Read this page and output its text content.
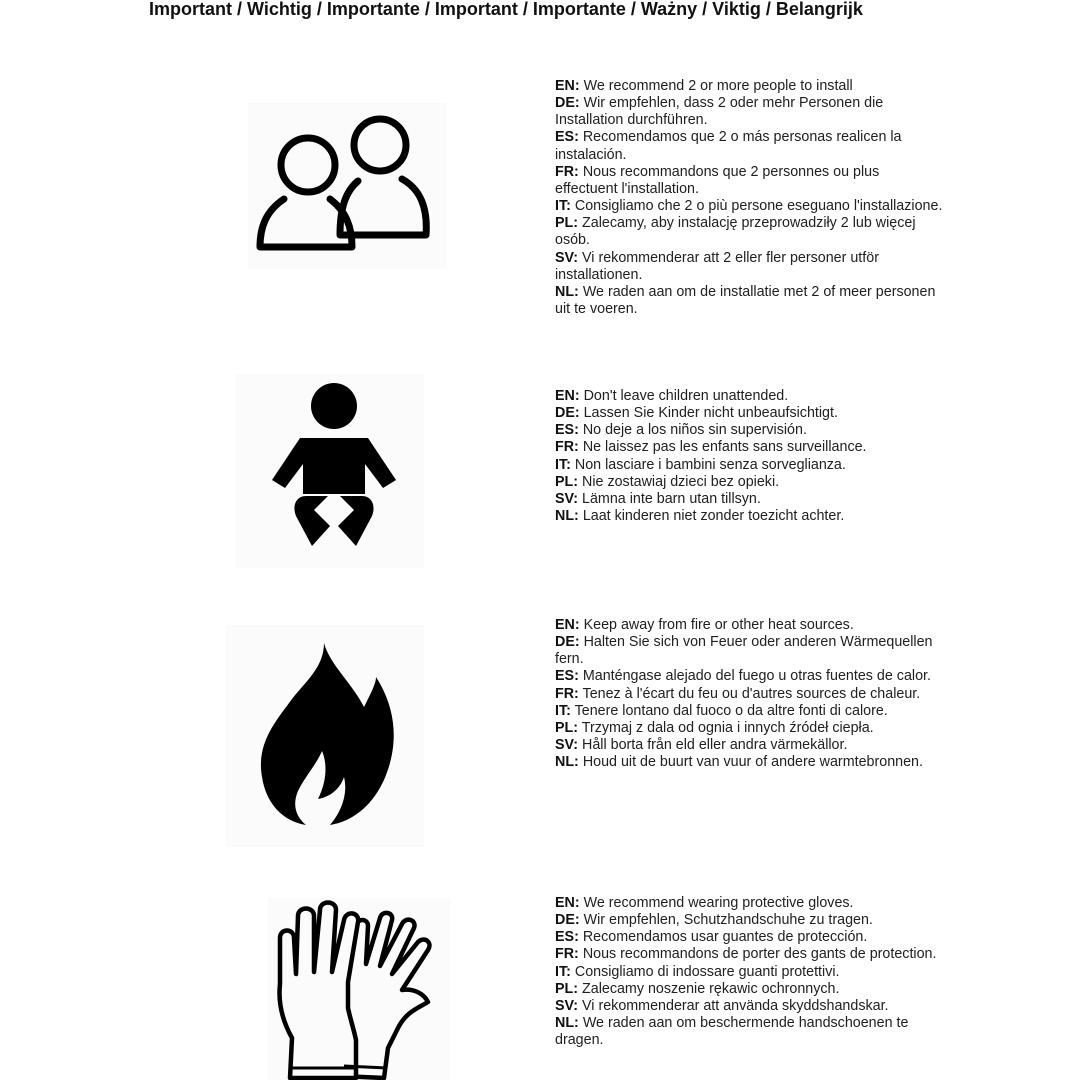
Important / Wichtig / Importante / Important / Importante / Ważny / Viktig / Belangrijk
EN: We recommend 2 or more people to install
DE: Wir empfehlen, dass 2 oder mehr Personen die Installation durchführen.
ES: Recomendamos que 2 o más personas realicen la instalación.
FR: Nous recommandons que 2 personnes ou plus effectuent l'installation.
IT: Consigliamo che 2 o più persone eseguano l'installazione.
PL: Zalecamy, aby instalację przeprowadziły 2 lub więcej osób.
SV: Vi rekommenderar att 2 eller fler personer utför installationen.
NL: We raden aan om de installatie met 2 of meer personen uit te voeren.
EN: Don't leave children unattended.
DE: Lassen Sie Kinder nicht unbeaufsichtigt.
ES: No deje a los niños sin supervisión.
FR: Ne laissez pas les enfants sans surveillance.
IT: Non lasciare i bambini senza sorveglianza.
PL: Nie zostawiaj dzieci bez opieki.
SV: Lämna inte barn utan tillsyn.
NL: Laat kinderen niet zonder toezicht achter.
EN: Keep away from fire or other heat sources.
DE: Halten Sie sich von Feuer oder anderen Wärmequellen fern.
ES: Manténgase alejado del fuego u otras fuentes de calor.
FR: Tenez à l'écart du feu ou d'autres sources de chaleur.
IT: Tenere lontano dal fuoco o da altre fonti di calore.
PL: Trzymaj z dala od ognia i innych źródeł ciepła.
SV: Håll borta från eld eller andra värmekällor.
NL: Houd uit de buurt van vuur of andere warmtebronnen.
EN: We recommend wearing protective gloves.
DE: Wir empfehlen, Schutzhandschuhe zu tragen.
ES: Recomendamos usar guantes de protección.
FR: Nous recommandons de porter des gants de protection.
IT: Consigliamo di indossare guanti protettivi.
PL: Zalecamy noszenie rękawic ochronnych.
SV: Vi rekommenderar att använda skyddshandskar.
NL: We raden aan om beschermende handschoenen te dragen.
